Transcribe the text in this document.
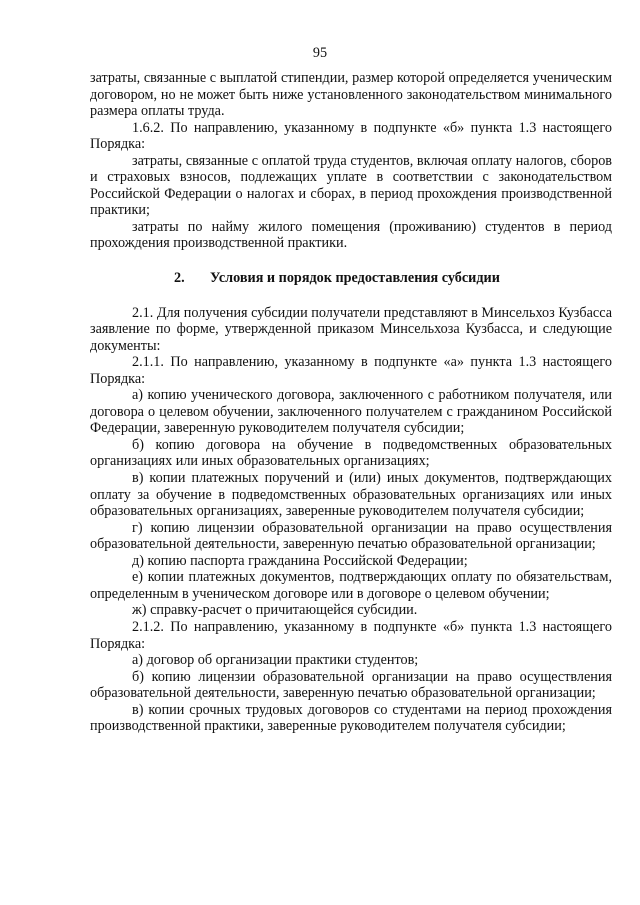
95

затраты, связанные с выплатой стипендии, размер которой определяется ученическим договором, но не может быть ниже установленного законодательством минимального размера оплаты труда.

1.6.2. По направлению, указанному в подпункте «б» пункта 1.3 настоящего Порядка:

затраты, связанные с оплатой труда студентов, включая оплату налогов, сборов и страховых взносов, подлежащих уплате в соответствии с законодательством Российской Федерации о налогах и сборах, в период прохождения производственной практики;

затраты по найму жилого помещения (проживанию) студентов в период прохождения производственной практики.

2. Условия и порядок предоставления субсидии

2.1. Для получения субсидии получатели представляют в Минсельхоз Кузбасса заявление по форме, утвержденной приказом Минсельхоза Кузбасса, и следующие документы:

2.1.1. По направлению, указанному в подпункте «а» пункта 1.3 настоящего Порядка:

а) копию ученического договора, заключенного с работником получателя, или договора о целевом обучении, заключенного получателем с гражданином Российской Федерации, заверенную руководителем получателя субсидии;

б) копию договора на обучение в подведомственных образовательных организациях или иных образовательных организациях;

в) копии платежных поручений и (или) иных документов, подтверждающих оплату за обучение в подведомственных образовательных организациях или иных образовательных организациях, заверенные руководителем получателя субсидии;

г) копию лицензии образовательной организации на право осуществления образовательной деятельности, заверенную печатью образовательной организации;

д) копию паспорта гражданина Российской Федерации;

е) копии платежных документов, подтверждающих оплату по обязательствам, определенным в ученическом договоре или в договоре о целевом обучении;

ж) справку-расчет о причитающейся субсидии.

2.1.2. По направлению, указанному в подпункте «б» пункта 1.3 настоящего Порядка:

а) договор об организации практики студентов;

б) копию лицензии образовательной организации на право осуществления образовательной деятельности, заверенную печатью образовательной организации;

в) копии срочных трудовых договоров со студентами на период прохождения производственной практики, заверенные руководителем получателя субсидии;
